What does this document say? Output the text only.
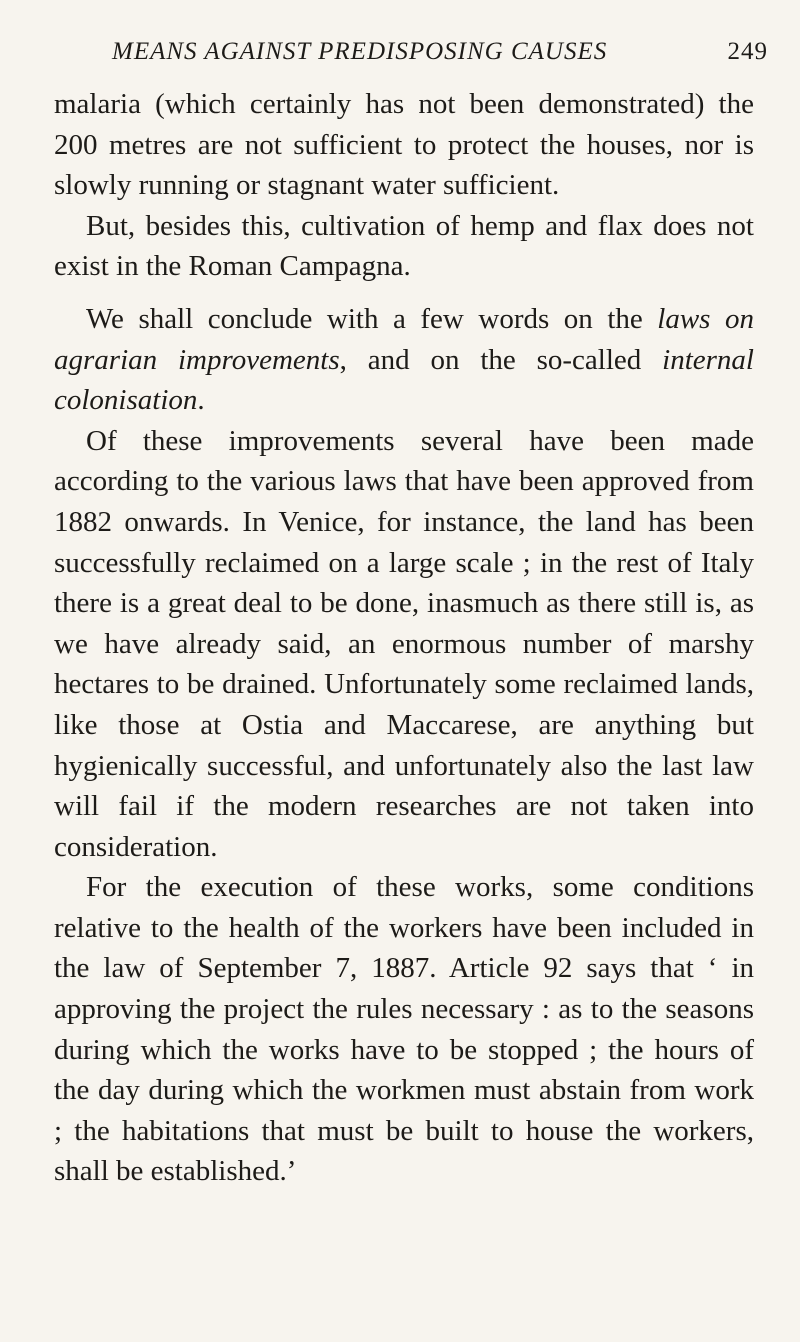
MEANS AGAINST PREDISPOSING CAUSES	249

malaria (which certainly has not been demonstrated) the 200 metres are not sufficient to protect the houses, nor is slowly running or stagnant water sufficient.

But, besides this, cultivation of hemp and flax does not exist in the Roman Campagna.

We shall conclude with a few words on the laws on agrarian improvements, and on the so-called internal colonisation.

Of these improvements several have been made according to the various laws that have been approved from 1882 onwards. In Venice, for instance, the land has been successfully reclaimed on a large scale ; in the rest of Italy there is a great deal to be done, inasmuch as there still is, as we have already said, an enormous number of marshy hectares to be drained. Unfortunately some reclaimed lands, like those at Ostia and Maccarese, are anything but hygienically successful, and unfortunately also the last law will fail if the modern researches are not taken into consideration.

For the execution of these works, some conditions relative to the health of the workers have been included in the law of September 7, 1887. Article 92 says that ‘ in approving the project the rules necessary : as to the seasons during which the works have to be stopped ; the hours of the day during which the workmen must abstain from work ; the habitations that must be built to house the workers, shall be established.’
